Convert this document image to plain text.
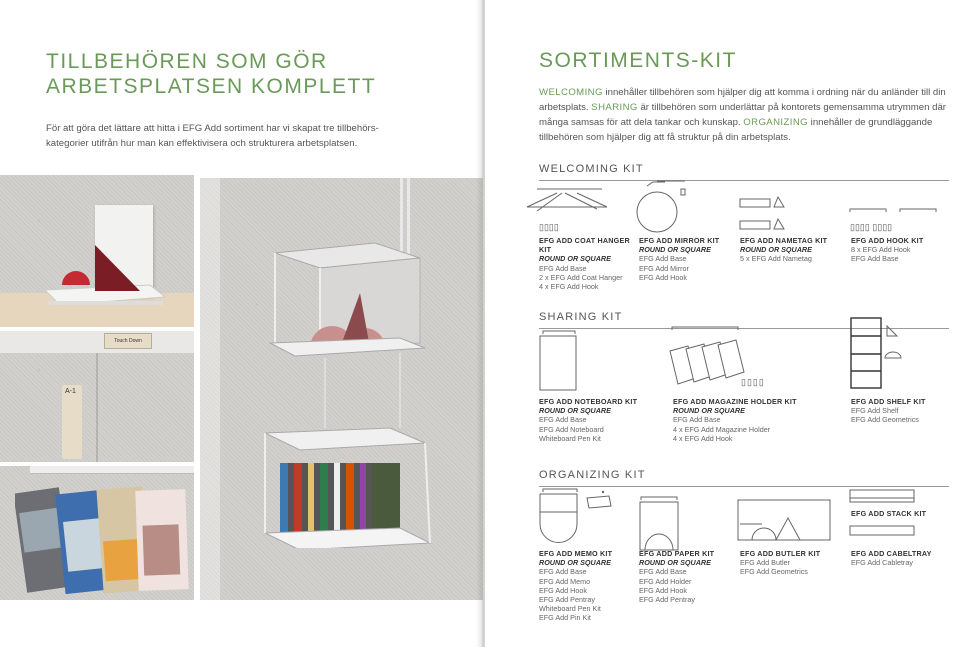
TILLBEHÖREN SOM GÖR
ARBETSPLATSEN KOMPLETT

För att göra det lättare att hitta i EFG Add sortiment har vi skapat tre tillbehörs-kategorier utifrån hur man kan effektivisera och strukturera arbetsplatsen.

Touch Down
A-1
SORTIMENTS-KIT

WELCOMING innehåller tillbehören som hjälper dig att komma i ordning när du anländer till din arbetsplats. SHARING är tillbehören som underlättar på kontorets gemensamma utrymmen där många samsas för att dela tankar och kunskap. ORGANIZING innehåller de grundläggande tillbehören som hjälper dig att få struktur på din arbetsplats.

WELCOMING KIT
▯▯▯▯	▯▯▯▯ ▯▯▯▯
EFG ADD COAT HANGER KIT
ROUND OR SQUARE
EFG Add Base
2 x EFG Add Coat Hanger
4 x EFG Add Hook
EFG ADD MIRROR KIT
ROUND OR SQUARE
EFG Add Base
EFG Add Mirror
EFG Add Hook
EFG ADD NAMETAG KIT
ROUND OR SQUARE
5 x EFG Add Nametag
EFG ADD HOOK KIT
8 x EFG Add Hook
EFG Add Base
SHARING KIT
▯▯▯▯
EFG ADD NOTEBOARD KIT
ROUND OR SQUARE
EFG Add Base
EFG Add Noteboard
Whiteboard Pen Kit
EFG ADD MAGAZINE HOLDER KIT
ROUND OR SQUARE
EFG Add Base
4 x EFG Add Magazine Holder
4 x EFG Add Hook
EFG ADD SHELF KIT
EFG Add Shelf
EFG Add Geometrics
ORGANIZING KIT
EFG ADD STACK KIT
EFG ADD MEMO KIT
ROUND OR SQUARE
EFG Add Base
EFG Add Memo
EFG Add Hook
EFG Add Pentray
Whiteboard Pen Kit
EFG Add Pin Kit
EFG ADD PAPER KIT
ROUND OR SQUARE
EFG Add Base
EFG Add Holder
EFG Add Hook
EFG Add Pentray
EFG ADD BUTLER KIT
EFG Add Butler
EFG Add Geometrics
EFG ADD CABELTRAY
EFG Add Cabletray
